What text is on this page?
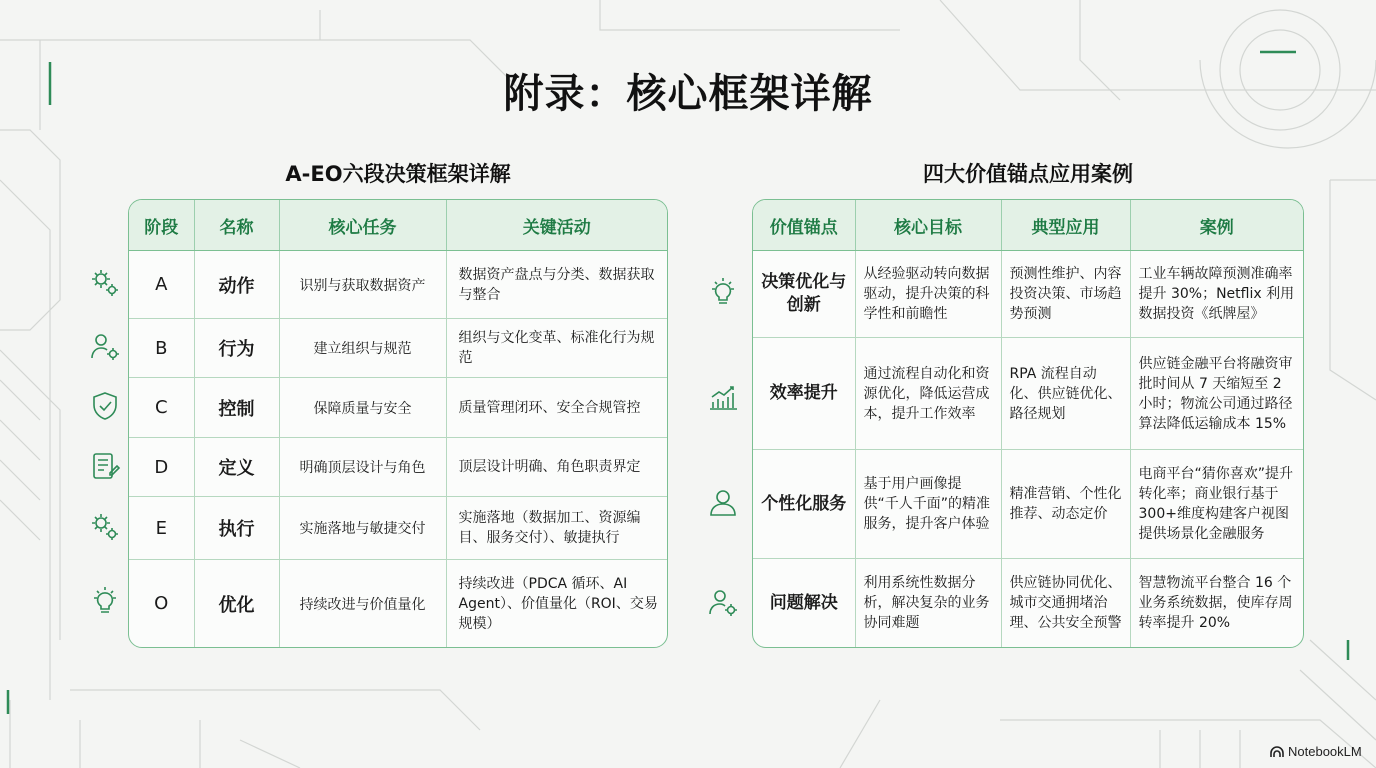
附录：核心框架详解
A-EO六段决策框架详解	四大价值锚点应用案例
阶段	名称	核心任务	关键活动
A	动作	识别与获取数据资产	数据资产盘点与分类、数据获取与整合
B	行为	建立组织与规范	组织与文化变革、标准化行为规范
C	控制	保障质量与安全	质量管理闭环、安全合规管控
D	定义	明确顶层设计与角色	顶层设计明确、角色职责界定
E	执行	实施落地与敏捷交付	实施落地（数据加工、资源编目、服务交付）、敏捷执行
O	优化	持续改进与价值量化	持续改进（PDCA 循环、AI Agent）、价值量化（ROI、交易规模）
价值锚点	核心目标	典型应用	案例
决策优化与创新	从经验驱动转向数据驱动，提升决策的科学性和前瞻性	预测性维护、内容投资决策、市场趋势预测	工业车辆故障预测准确率提升 30%；Netflix 利用数据投资《纸牌屋》
效率提升	通过流程自动化和资源优化，降低运营成本，提升工作效率	RPA 流程自动化、供应链优化、路径规划	供应链金融平台将融资审批时间从 7 天缩短至 2 小时；物流公司通过路径算法降低运输成本 15%
个性化服务	基于用户画像提供“千人千面”的精准服务，提升客户体验	精准营销、个性化推荐、动态定价	电商平台“猜你喜欢”提升转化率；商业银行基于300+维度构建客户视图提供场景化金融服务
问题解决	利用系统性数据分析，解决复杂的业务协同难题	供应链协同优化、城市交通拥堵治理、公共安全预警	智慧物流平台整合 16 个业务系统数据，使库存周转率提升 20%
NotebookLM
